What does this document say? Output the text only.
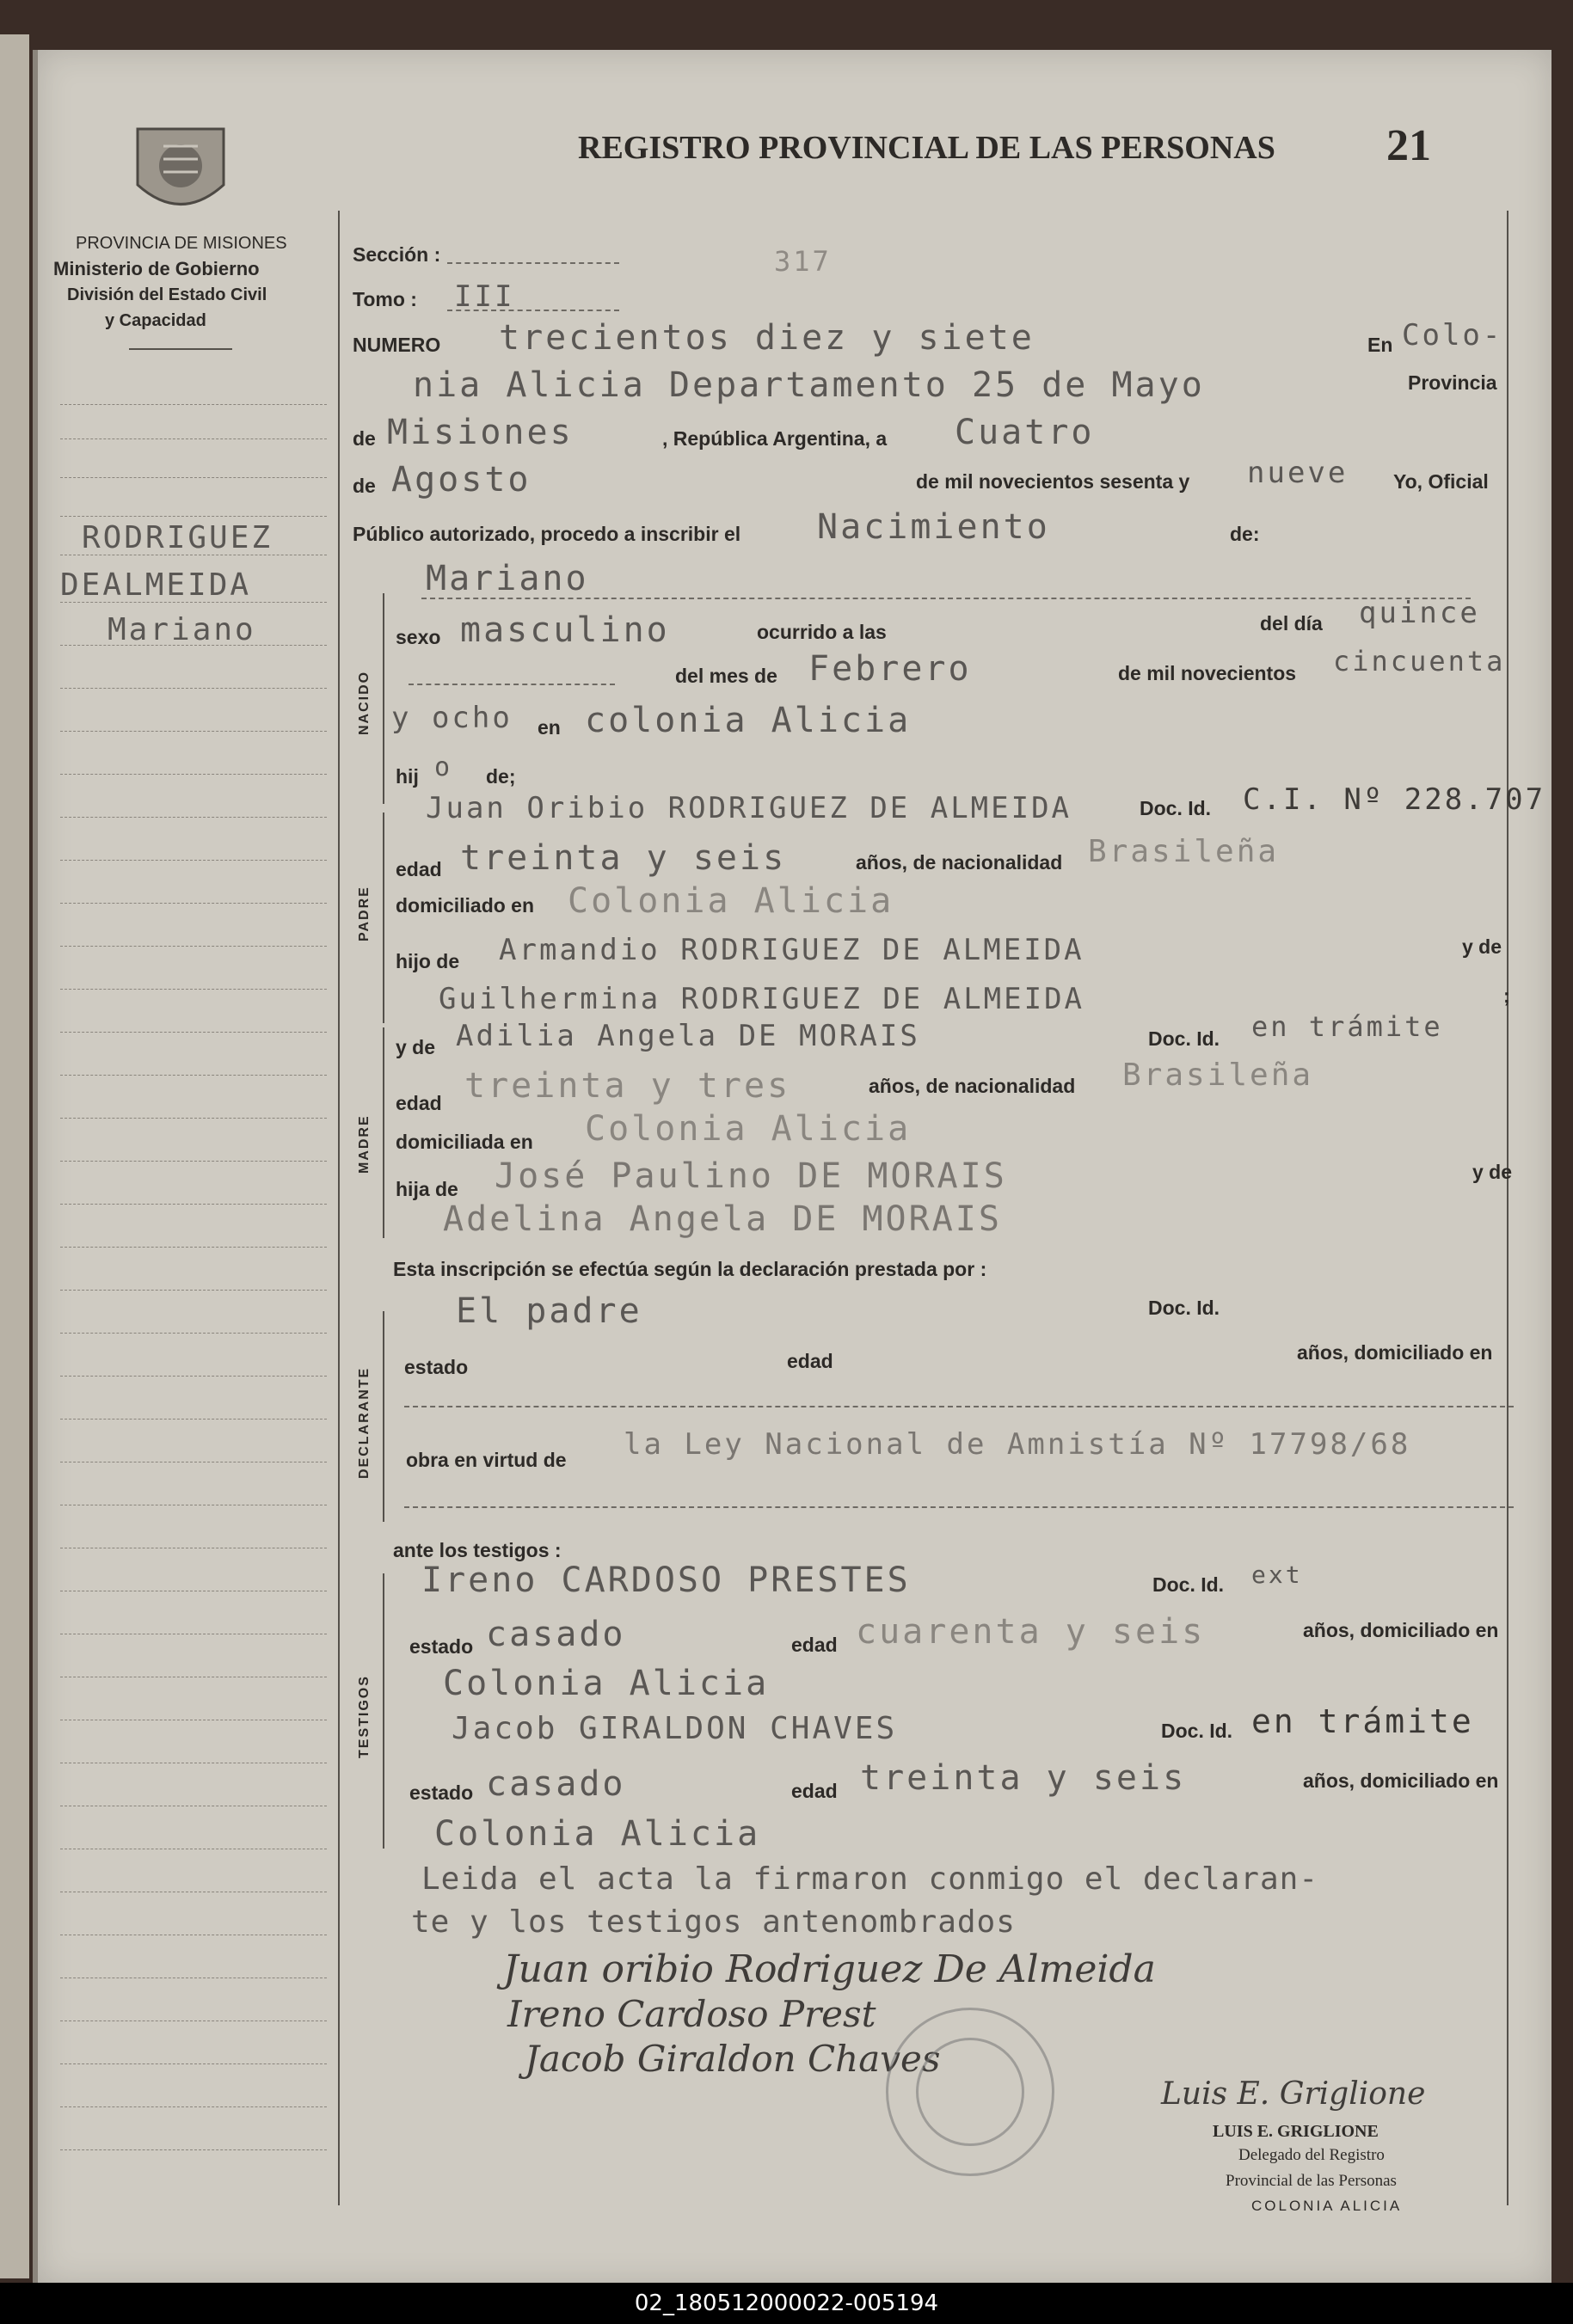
REGISTRO PROVINCIAL DE LAS PERSONAS 21
PROVINCIA DE MISIONES
Ministerio de Gobierno
División del Estado Civil
y Capacidad
RODRIGUEZ
DEALMEIDA
Mariano
NACIDO
PADRE
MADRE
DECLARANTE
TESTIGOS
Sección :	317
Tomo : III
NUMERO trecientos diez y siete	En Colo-
nia Alicia Departamento 25 de Mayo	Provincia
de Misiones	, República Argentina, a Cuatro
de Agosto	de mil novecientos sesenta y nueve Yo, Oficial
Público autorizado, procedo a inscribir el Nacimiento	de:
Mariano
sexo masculino	ocurrido a las	del día quince
del mes de Febrero	de mil novecientos cincuenta
y ocho en colonia Alicia
hij o de;
Juan Oribio RODRIGUEZ DE ALMEIDA	Doc. Id. C.I. Nº 228.707
edad treinta y seis	años, de nacionalidad Brasileña
domiciliado en Colonia Alicia
hijo de Armandio RODRIGUEZ DE ALMEIDA	y de
Guilhermina RODRIGUEZ DE ALMEIDA	;
y de Adilia Angela DE MORAIS	Doc. Id. en trámite
edad treinta y tres	años, de nacionalidad Brasileña
domiciliada en Colonia Alicia
hija de José Paulino DE MORAIS	y de
Adelina Angela DE MORAIS
Esta inscripción se efectúa según la declaración prestada por :
El padre	Doc. Id.
estado	edad	años, domiciliado en
obra en virtud de la Ley Nacional de Amnistía Nº 17798/68
ante los testigos :
Ireno CARDOSO PRESTES	Doc. Id. ext
estado casado	edad cuarenta y seis	años, domiciliado en
Colonia Alicia
Jacob GIRALDON CHAVES	Doc. Id. en trámite
estado casado	edad treinta y seis	años, domiciliado en
Colonia Alicia
Leida el acta la firmaron conmigo el declaran-
te y los testigos antenombrados
Juan oribio Rodriguez De Almeida
Ireno Cardoso Prest
Jacob Giraldon Chaves
Luis E. Griglione
LUIS E. GRIGLIONE
Delegado del Registro
Provincial de las Personas
COLONIA ALICIA
02_180512000022-005194
